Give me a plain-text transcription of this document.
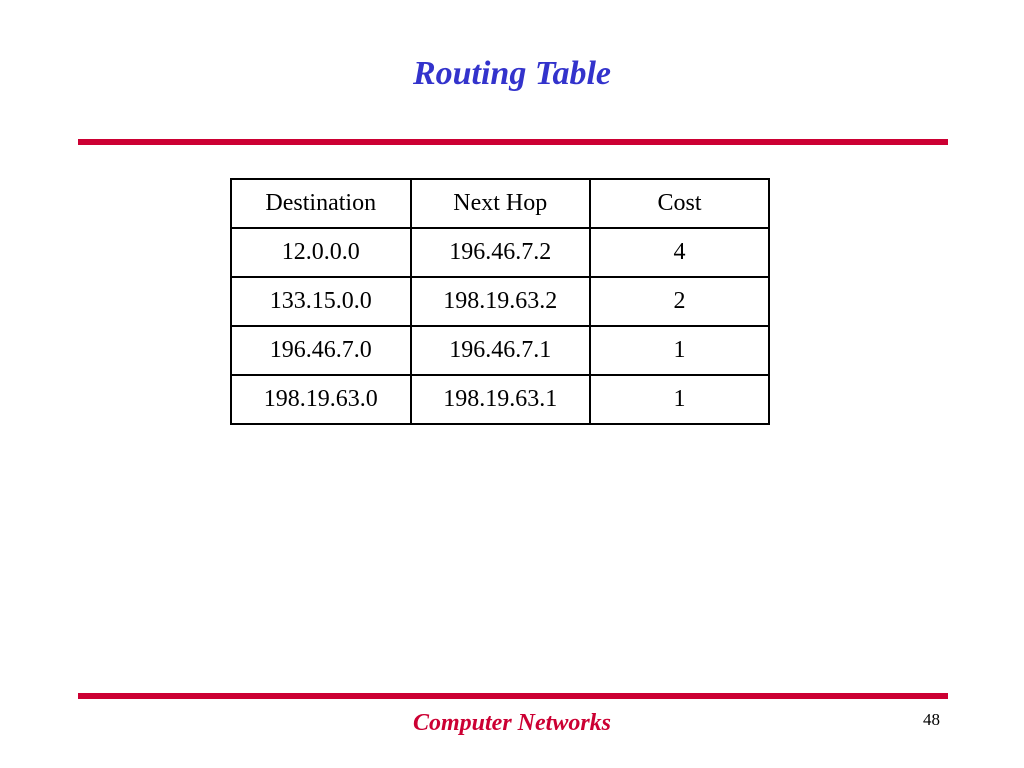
Routing Table
Destination	Next Hop	Cost
12.0.0.0	196.46.7.2	4
133.15.0.0	198.19.63.2	2
196.46.7.0	196.46.7.1	1
198.19.63.0	198.19.63.1	1
Computer Networks	48
